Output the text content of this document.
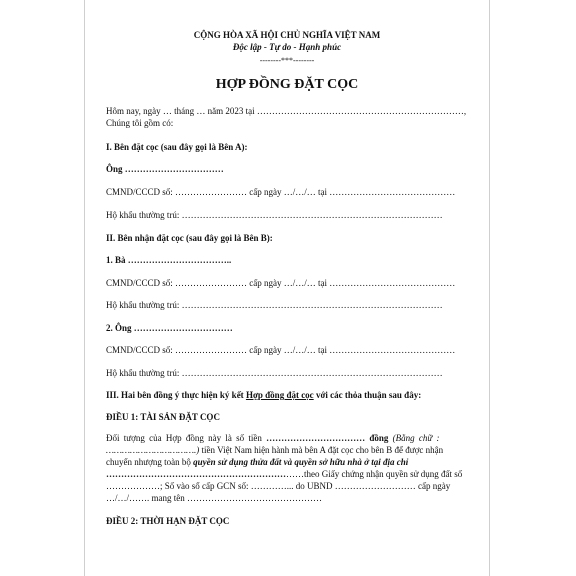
CỘNG HÒA XÃ HỘI CHỦ NGHĨA VIỆT NAM
Độc lập - Tự do - Hạnh phúc
--------***--------
HỢP ĐỒNG ĐẶT CỌC
Hôm nay, ngày … tháng … năm 2023 tại ……………………………………………………………,
Chúng tôi gồm có:
I. Bên đặt cọc (sau đây gọi là Bên A):
Ông ……………………………
CMND/CCCD số: …………………… cấp ngày …/…/… tại ……………………………………
Hộ khẩu thường trú: ……………………………………………………………………………
II. Bên nhận đặt cọc (sau đây gọi là Bên B):
1. Bà ……………………………..
CMND/CCCD số: …………………… cấp ngày …/…/… tại ……………………………………
Hộ khẩu thường trú: ……………………………………………………………………………
2. Ông ……………………………
CMND/CCCD số: …………………… cấp ngày …/…/… tại ……………………………………
Hộ khẩu thường trú: ……………………………………………………………………………
III. Hai bên đồng ý thực hiện ký kết Hợp đồng đặt cọc với các thỏa thuận sau đây:
ĐIỀU 1: TÀI SẢN ĐẶT CỌC
Đối tượng của Hợp đồng này là số tiền …………………………… đồng (Bằng chữ :
…………………………….) tiền Việt Nam hiện hành mà bên A đặt cọc cho bên B để được nhận
chuyển nhượng toàn bộ quyền sử dụng thửa đất và quyền sở hữu nhà ở tại địa chỉ
…………………………………………………………theo Giấy chứng nhận quyền sử dụng đất số
………………; Số vào sổ cấp GCN số: …………... do UBND ……………………… cấp ngày
…/…/……. mang tên ………………………………………
ĐIỀU 2: THỜI HẠN ĐẶT CỌC
